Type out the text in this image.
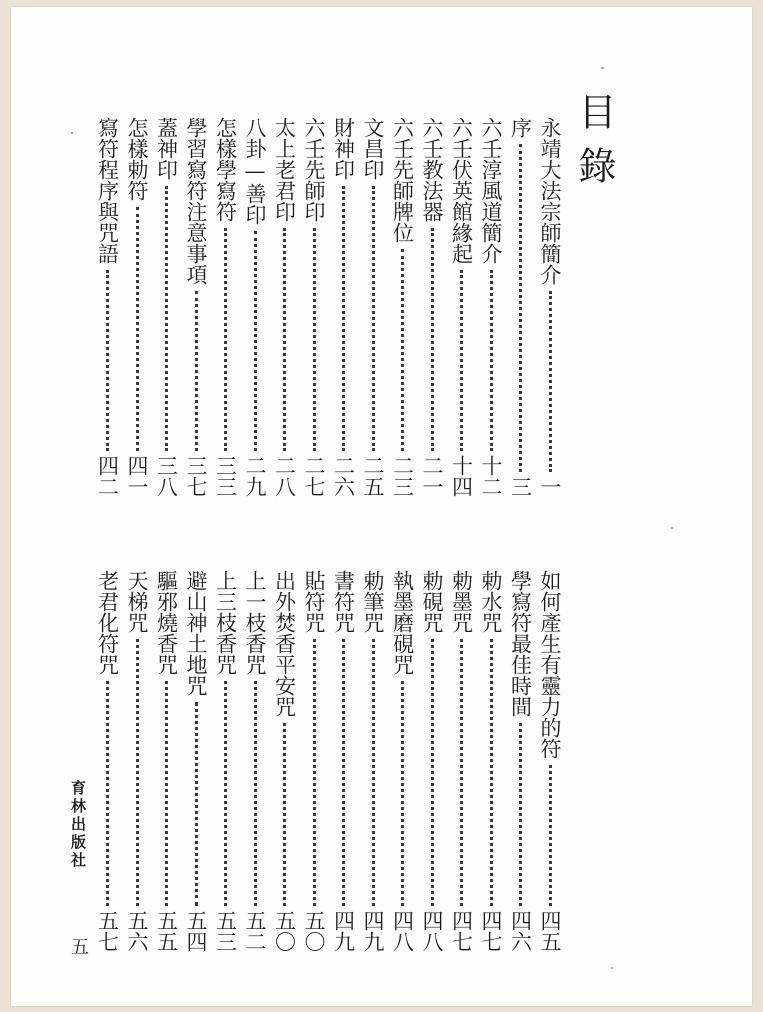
目錄
永靖大法宗師簡介
一
序
三
六壬淳風道簡介
十二
六壬伏英館緣起
十四
六壬教法器
二一
六壬先師牌位
二三
文昌印
二五
財神印
二六
六壬先師印
二七
太上老君印
二八
八卦—善印
二九
怎樣學寫符
三三
學習寫符注意事項
三七
蓋神印
三八
怎樣勅符
四一
寫符程序與咒語
四二
如何產生有靈力的符
四五
學寫符最佳時間
四六
勅水咒
四七
勅墨咒
四七
勅硯咒
四八
執墨磨硯咒
四八
勅筆咒
四九
書符咒
四九
貼符咒
五〇
出外焚香平安咒
五〇
上一枝香咒
五二
上三枝香咒
五三
避山神土地咒
五四
驅邪燒香咒
五五
天梯咒
五六
老君化符咒
五七
育林出版社
五
